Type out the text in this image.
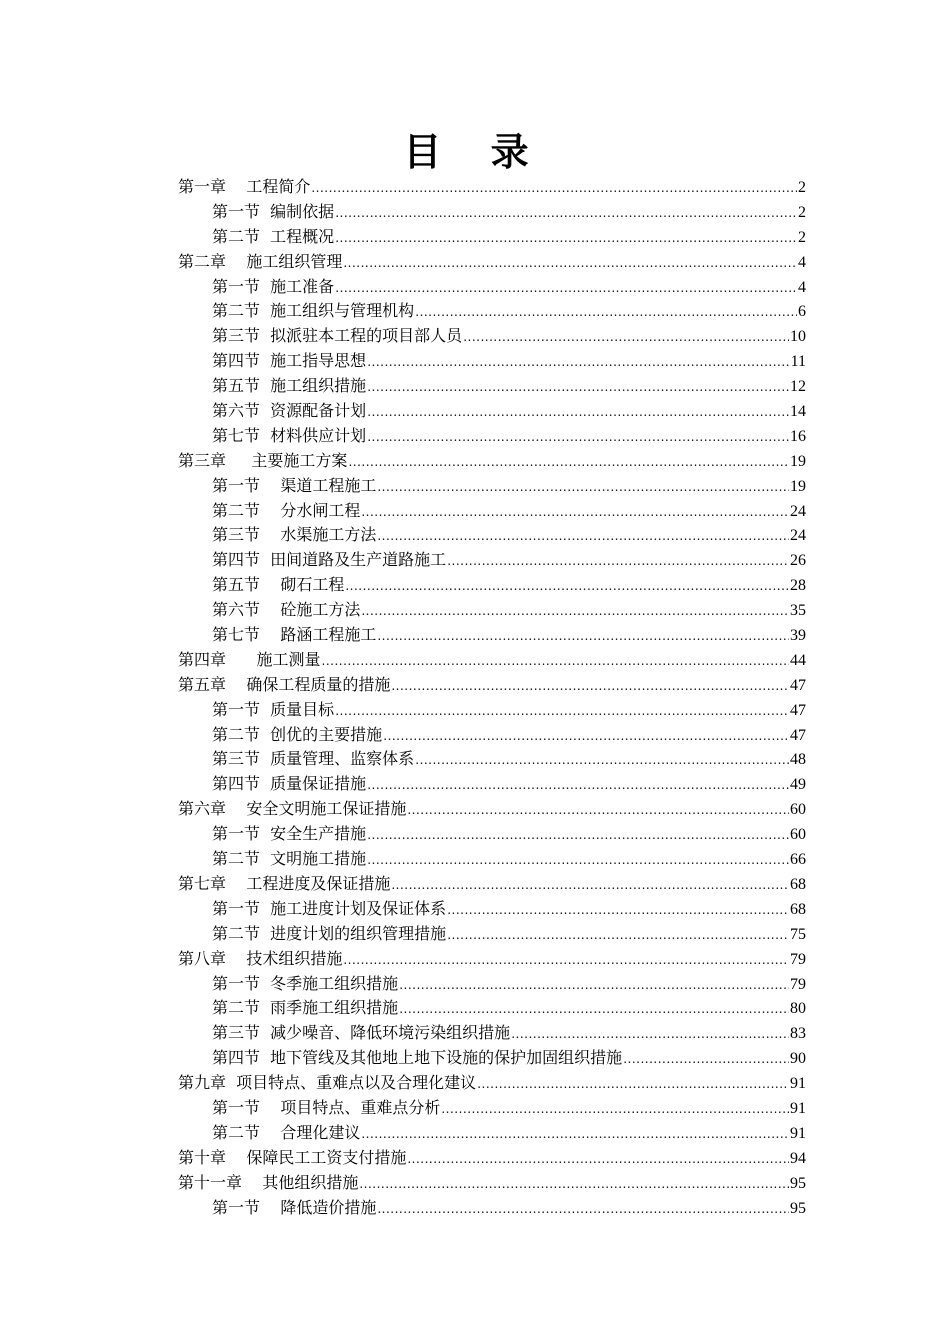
目 录
第一章    工程简介 .....	2
第一节  编制依据 .....	2
第二节  工程概况 .....	2
第二章    施工组织管理 .....	4
第一节  施工准备 .....	4
第二节  施工组织与管理机构 .....	6
第三节  拟派驻本工程的项目部人员 .....	10
第四节  施工指导思想 .....	11
第五节  施工组织措施 .....	12
第六节  资源配备计划 .....	14
第七节  材料供应计划 .....	16
第三章     主要施工方案 .....	19
第一节    渠道工程施工 .....	19
第二节    分水闸工程 .....	24
第三节    水渠施工方法 .....	24
第四节  田间道路及生产道路施工 .....	26
第五节    砌石工程 .....	28
第六节    砼施工方法 .....	35
第七节    路涵工程施工 .....	39
第四章      施工测量 .....	44
第五章    确保工程质量的措施 .....	47
第一节  质量目标 .....	47
第二节  创优的主要措施 .....	47
第三节  质量管理、监察体系 .....	48
第四节  质量保证措施 .....	49
第六章    安全文明施工保证措施 .....	60
第一节  安全生产措施 .....	60
第二节  文明施工措施 .....	66
第七章    工程进度及保证措施 .....	68
第一节  施工进度计划及保证体系 .....	68
第二节  进度计划的组织管理措施 .....	75
第八章    技术组织措施 .....	79
第一节  冬季施工组织措施 .....	79
第二节  雨季施工组织措施 .....	80
第三节  减少噪音、降低环境污染组织措施 .....	83
第四节  地下管线及其他地上地下设施的保护加固组织措施 .....	90
第九章  项目特点、重难点以及合理化建议 .....	91
第一节    项目特点、重难点分析 .....	91
第二节    合理化建议 .....	91
第十章    保障民工工资支付措施 .....	94
第十一章    其他组织措施 .....	95
第一节    降低造价措施 .....	95
